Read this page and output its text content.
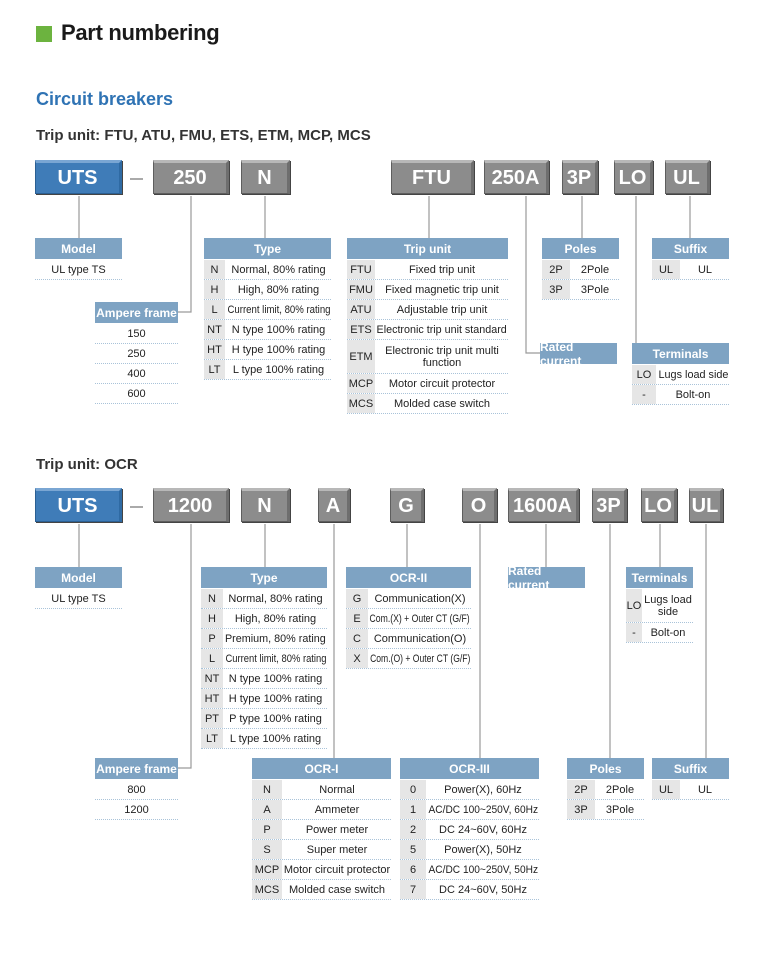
Part numbering
Circuit breakers
Trip unit: FTU, ATU, FMU, ETS, ETM, MCP, MCS
Trip unit: OCR
UTS	250	N	FTU	250A	3P	LO	UL
Model
UL type TS
Ampere frame
150
250
400
600
Type
N	Normal, 80% rating
H	High, 80% rating
L Current limit, 80% rating
NT N type 100% rating
HT H type 100% rating
LT	L type 100% rating
Trip unit
FTU	Fixed trip unit
FMU Fixed magnetic trip unit
ATU	Adjustable trip unit
ETS Electronic trip unit standard
ETM	Electronic trip unit multi function
MCP Motor circuit protector
MCS Molded case switch
Poles
2P	2Pole
3P	3Pole
Suffix
UL	UL
Rated current	Terminals
LO Lugs load side
-	Bolt-on
UTS	1200	N	A	G	O	1600A	3P	LO UL
Model
UL type TS
Type
N	Normal, 80% rating
H	High, 80% rating
P Premium, 80% rating
L Current limit, 80% rating
NT N type 100% rating
HT H type 100% rating
PT P type 100% rating
LT	L type 100% rating
OCR-II
G	Communication(X)
E Com.(X) + Outer CT (G/F)
C	Communication(O)
X Com.(O) + Outer CT (G/F)
Rated current	Terminals
LO Lugs load side
-	Bolt-on
Ampere frame
800
1200
OCR-I
N	Normal
A	Ammeter
P	Power meter
S	Super meter
MCP Motor circuit protector
MCS Molded case switch
OCR-III
0	Power(X), 60Hz
1	AC/DC 100~250V, 60Hz
2	DC 24~60V, 60Hz
5	Power(X), 50Hz
6	AC/DC 100~250V, 50Hz
7	DC 24~60V, 50Hz
Poles
2P	2Pole
3P	3Pole
Suffix
UL	UL
